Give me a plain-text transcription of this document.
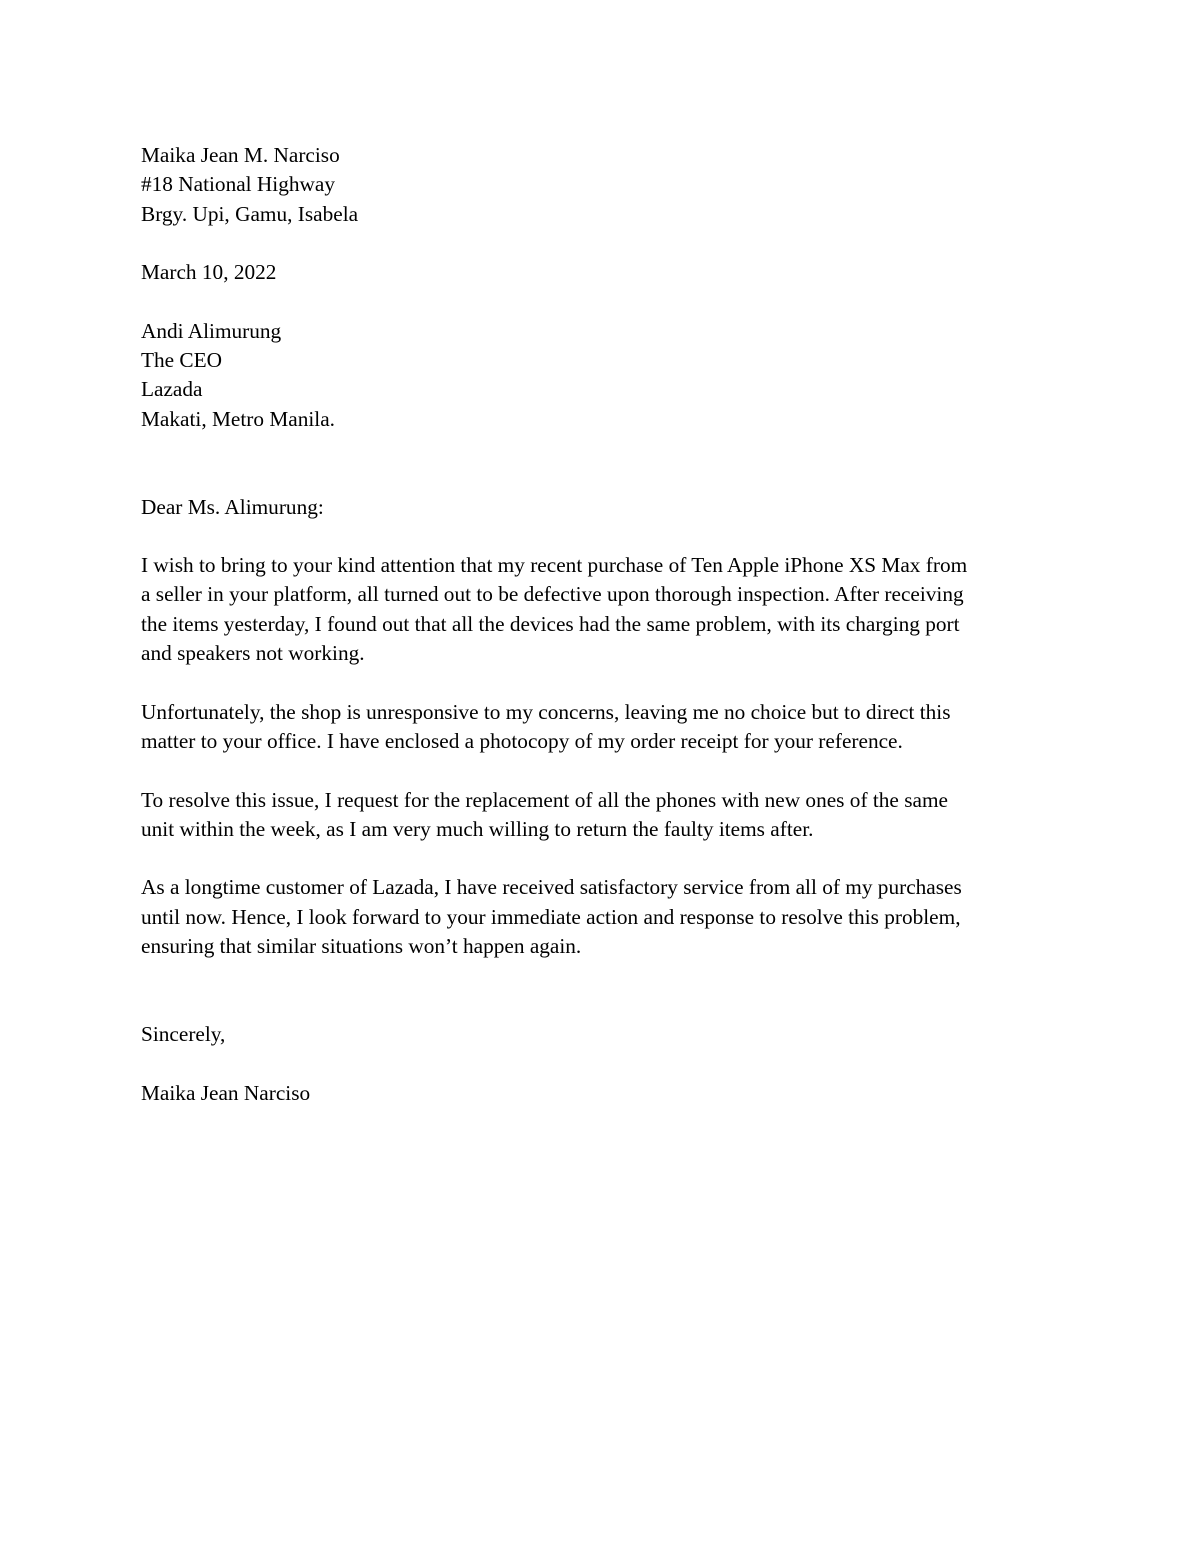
Maika Jean M. Narciso
#18 National Highway
Brgy. Upi, Gamu, Isabela
March 10, 2022
Andi Alimurung
The CEO
Lazada
Makati, Metro Manila.
Dear Ms. Alimurung:

I wish to bring to your kind attention that my recent purchase of Ten Apple iPhone XS Max from
a seller in your platform, all turned out to be defective upon thorough inspection. After receiving
the items yesterday, I found out that all the devices had the same problem, with its charging port
and speakers not working.

Unfortunately, the shop is unresponsive to my concerns, leaving me no choice but to direct this
matter to your office. I have enclosed a photocopy of my order receipt for your reference.

To resolve this issue, I request for the replacement of all the phones with new ones of the same
unit within the week, as I am very much willing to return the faulty items after.

As a longtime customer of Lazada, I have received satisfactory service from all of my purchases
until now. Hence, I look forward to your immediate action and response to resolve this problem,
ensuring that similar situations won’t happen again.

Sincerely,
Maika Jean Narciso
